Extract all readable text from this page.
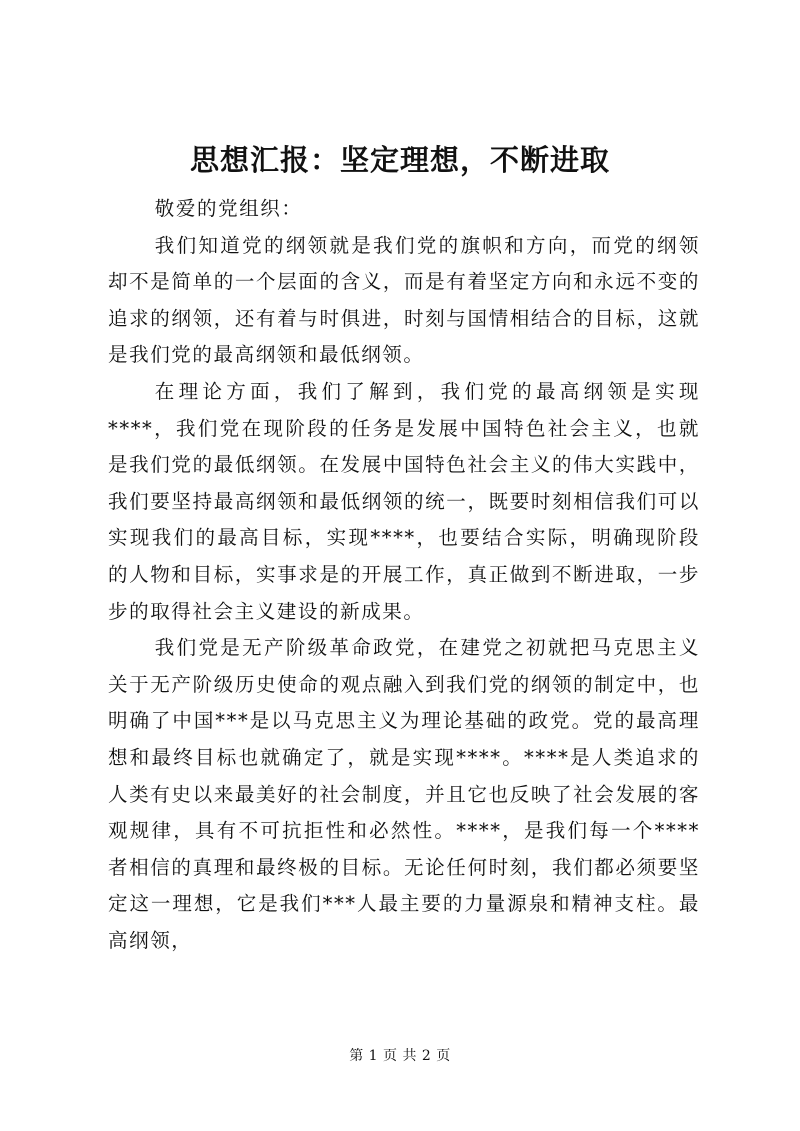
思想汇报：坚定理想，不断进取

敬爱的党组织：

我们知道党的纲领就是我们党的旗帜和方向，而党的纲领却不是简单的一个层面的含义，而是有着坚定方向和永远不变的追求的纲领，还有着与时俱进，时刻与国情相结合的目标，这就是我们党的最高纲领和最低纲领。

在理论方面，我们了解到，我们党的最高纲领是实现****，我们党在现阶段的任务是发展中国特色社会主义，也就是我们党的最低纲领。在发展中国特色社会主义的伟大实践中，我们要坚持最高纲领和最低纲领的统一，既要时刻相信我们可以实现我们的最高目标，实现****，也要结合实际，明确现阶段的人物和目标，实事求是的开展工作，真正做到不断进取，一步步的取得社会主义建设的新成果。

我们党是无产阶级革命政党，在建党之初就把马克思主义关于无产阶级历史使命的观点融入到我们党的纲领的制定中，也明确了中国***是以马克思主义为理论基础的政党。党的最高理想和最终目标也就确定了，就是实现****。****是人类追求的人类有史以来最美好的社会制度，并且它也反映了社会发展的客观规律，具有不可抗拒性和必然性。****，是我们每一个****者相信的真理和最终极的目标。无论任何时刻，我们都必须要坚定这一理想，它是我们***人最主要的力量源泉和精神支柱。最高纲领，

第 1 页 共 2 页
